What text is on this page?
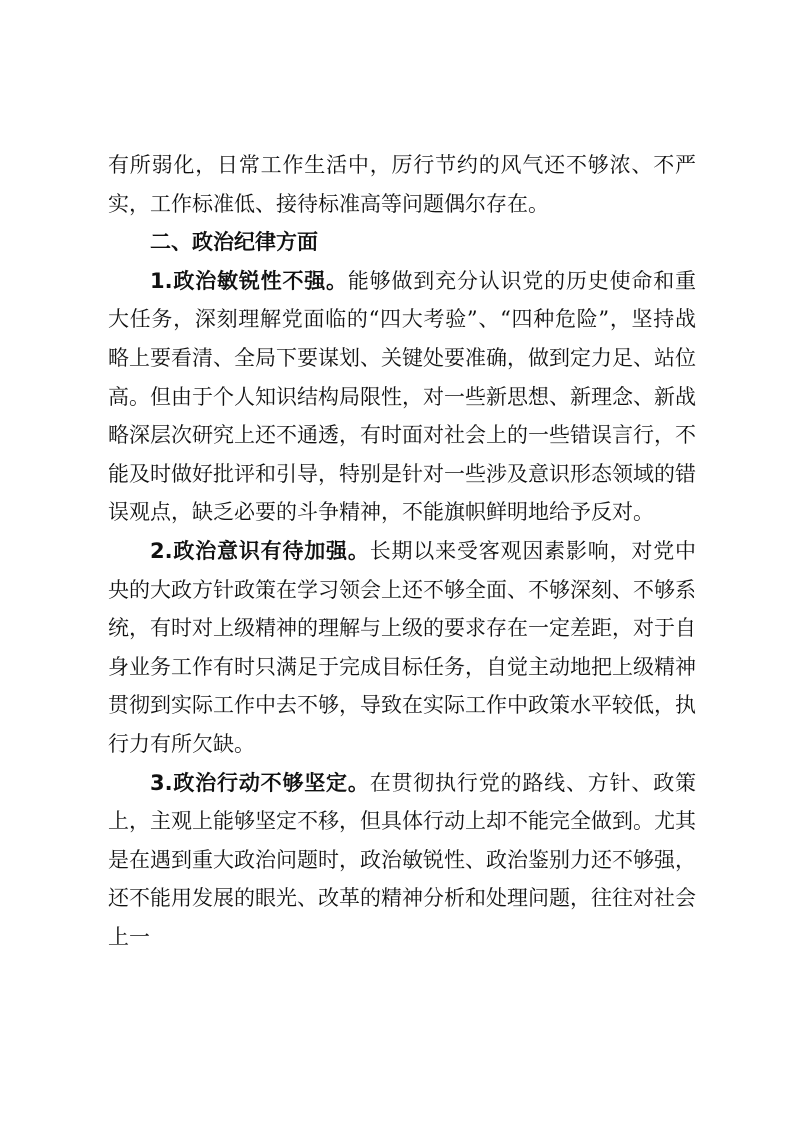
有所弱化，日常工作生活中，厉行节约的风气还不够浓、不严实，工作标准低、接待标准高等问题偶尔存在。

二、政治纪律方面

1.政治敏锐性不强。能够做到充分认识党的历史使命和重大任务，深刻理解党面临的“四大考验”、“四种危险”，坚持战略上要看清、全局下要谋划、关键处要准确，做到定力足、站位高。但由于个人知识结构局限性，对一些新思想、新理念、新战略深层次研究上还不通透，有时面对社会上的一些错误言行，不能及时做好批评和引导，特别是针对一些涉及意识形态领域的错误观点，缺乏必要的斗争精神，不能旗帜鲜明地给予反对。

2.政治意识有待加强。长期以来受客观因素影响，对党中央的大政方针政策在学习领会上还不够全面、不够深刻、不够系统，有时对上级精神的理解与上级的要求存在一定差距，对于自身业务工作有时只满足于完成目标任务，自觉主动地把上级精神贯彻到实际工作中去不够，导致在实际工作中政策水平较低，执行力有所欠缺。

3.政治行动不够坚定。在贯彻执行党的路线、方针、政策上，主观上能够坚定不移，但具体行动上却不能完全做到。尤其是在遇到重大政治问题时，政治敏锐性、政治鉴别力还不够强，还不能用发展的眼光、改革的精神分析和处理问题，往往对社会上一
